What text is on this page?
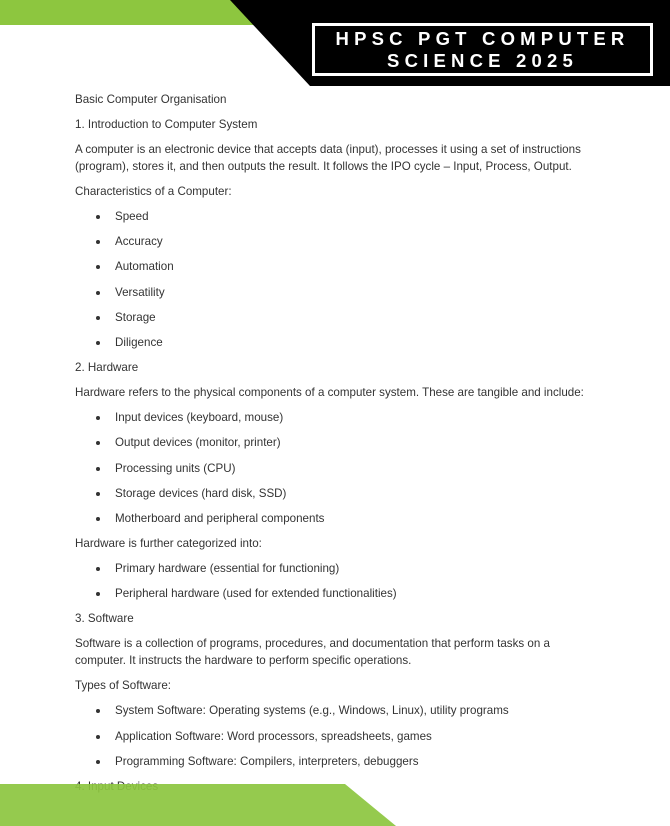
HPSC PGT COMPUTER
SCIENCE 2025

Basic Computer Organisation

1. Introduction to Computer System

A computer is an electronic device that accepts data (input), processes it using a set of instructions (program), stores it, and then outputs the result. It follows the IPO cycle – Input, Process, Output.

Characteristics of a Computer:

Speed
Accuracy
Automation
Versatility
Storage
Diligence

2. Hardware

Hardware refers to the physical components of a computer system. These are tangible and include:

Input devices (keyboard, mouse)
Output devices (monitor, printer)
Processing units (CPU)
Storage devices (hard disk, SSD)
Motherboard and peripheral components

Hardware is further categorized into:

Primary hardware (essential for functioning)
Peripheral hardware (used for extended functionalities)

3. Software

Software is a collection of programs, procedures, and documentation that perform tasks on a computer. It instructs the hardware to perform specific operations.

Types of Software:

System Software: Operating systems (e.g., Windows, Linux), utility programs
Application Software: Word processors, spreadsheets, games
Programming Software: Compilers, interpreters, debuggers
